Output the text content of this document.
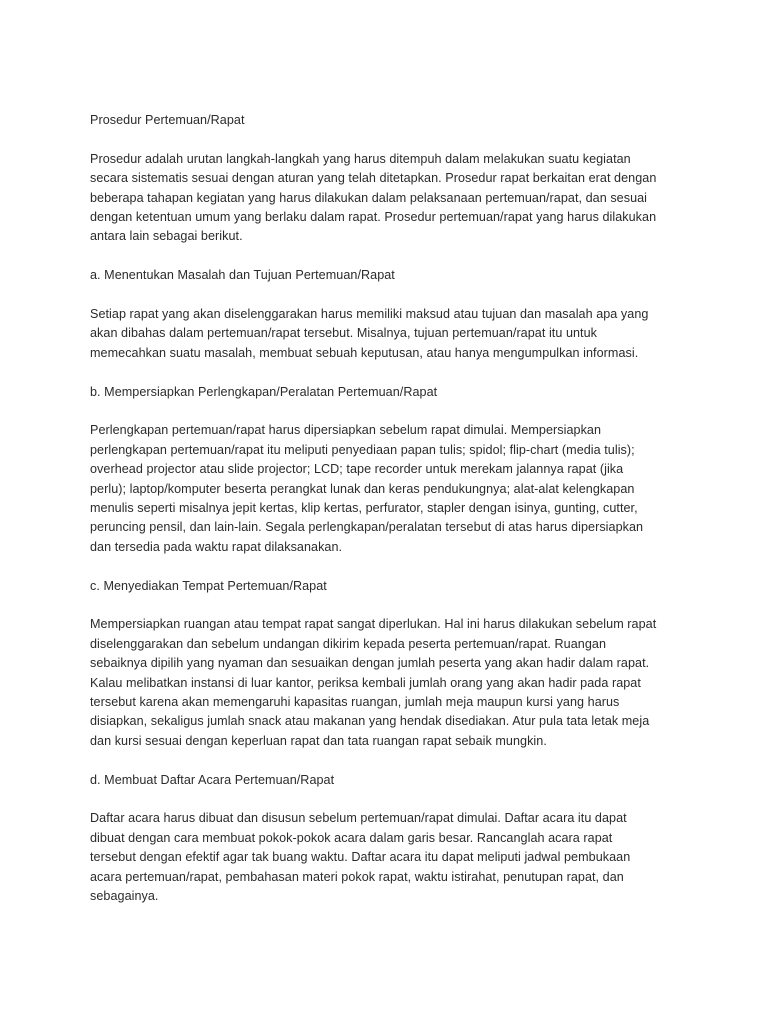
Prosedur Pertemuan/Rapat

Prosedur adalah urutan langkah-langkah yang harus ditempuh dalam melakukan suatu kegiatan
secara sistematis sesuai dengan aturan yang telah ditetapkan. Prosedur rapat berkaitan erat dengan
beberapa tahapan kegiatan yang harus dilakukan dalam pelaksanaan pertemuan/rapat, dan sesuai
dengan ketentuan umum yang berlaku dalam rapat. Prosedur pertemuan/rapat yang harus dilakukan
antara lain sebagai berikut.

a. Menentukan Masalah dan Tujuan Pertemuan/Rapat

Setiap rapat yang akan diselenggarakan harus memiliki maksud atau tujuan dan masalah apa yang
akan dibahas dalam pertemuan/rapat tersebut. Misalnya, tujuan pertemuan/rapat itu untuk
memecahkan suatu masalah, membuat sebuah keputusan, atau hanya mengumpulkan informasi.

b. Mempersiapkan Perlengkapan/Peralatan Pertemuan/Rapat

Perlengkapan pertemuan/rapat harus dipersiapkan sebelum rapat dimulai. Mempersiapkan
perlengkapan pertemuan/rapat itu meliputi penyediaan papan tulis; spidol; flip-chart (media tulis);
overhead projector atau slide projector; LCD; tape recorder untuk merekam jalannya rapat (jika
perlu); laptop/komputer beserta perangkat lunak dan keras pendukungnya; alat-alat kelengkapan
menulis seperti misalnya jepit kertas, klip kertas, perfurator, stapler dengan isinya, gunting, cutter,
peruncing pensil, dan lain-lain. Segala perlengkapan/peralatan tersebut di atas harus dipersiapkan
dan tersedia pada waktu rapat dilaksanakan.

c. Menyediakan Tempat Pertemuan/Rapat

Mempersiapkan ruangan atau tempat rapat sangat diperlukan. Hal ini harus dilakukan sebelum rapat
diselenggarakan dan sebelum undangan dikirim kepada peserta pertemuan/rapat. Ruangan
sebaiknya dipilih yang nyaman dan sesuaikan dengan jumlah peserta yang akan hadir dalam rapat.
Kalau melibatkan instansi di luar kantor, periksa kembali jumlah orang yang akan hadir pada rapat
tersebut karena akan memengaruhi kapasitas ruangan, jumlah meja maupun kursi yang harus
disiapkan, sekaligus jumlah snack atau makanan yang hendak disediakan. Atur pula tata letak meja
dan kursi sesuai dengan keperluan rapat dan tata ruangan rapat sebaik mungkin.

d. Membuat Daftar Acara Pertemuan/Rapat

Daftar acara harus dibuat dan disusun sebelum pertemuan/rapat dimulai. Daftar acara itu dapat
dibuat dengan cara membuat pokok-pokok acara dalam garis besar. Rancanglah acara rapat
tersebut dengan efektif agar tak buang waktu. Daftar acara itu dapat meliputi jadwal pembukaan
acara pertemuan/rapat, pembahasan materi pokok rapat, waktu istirahat, penutupan rapat, dan
sebagainya.
